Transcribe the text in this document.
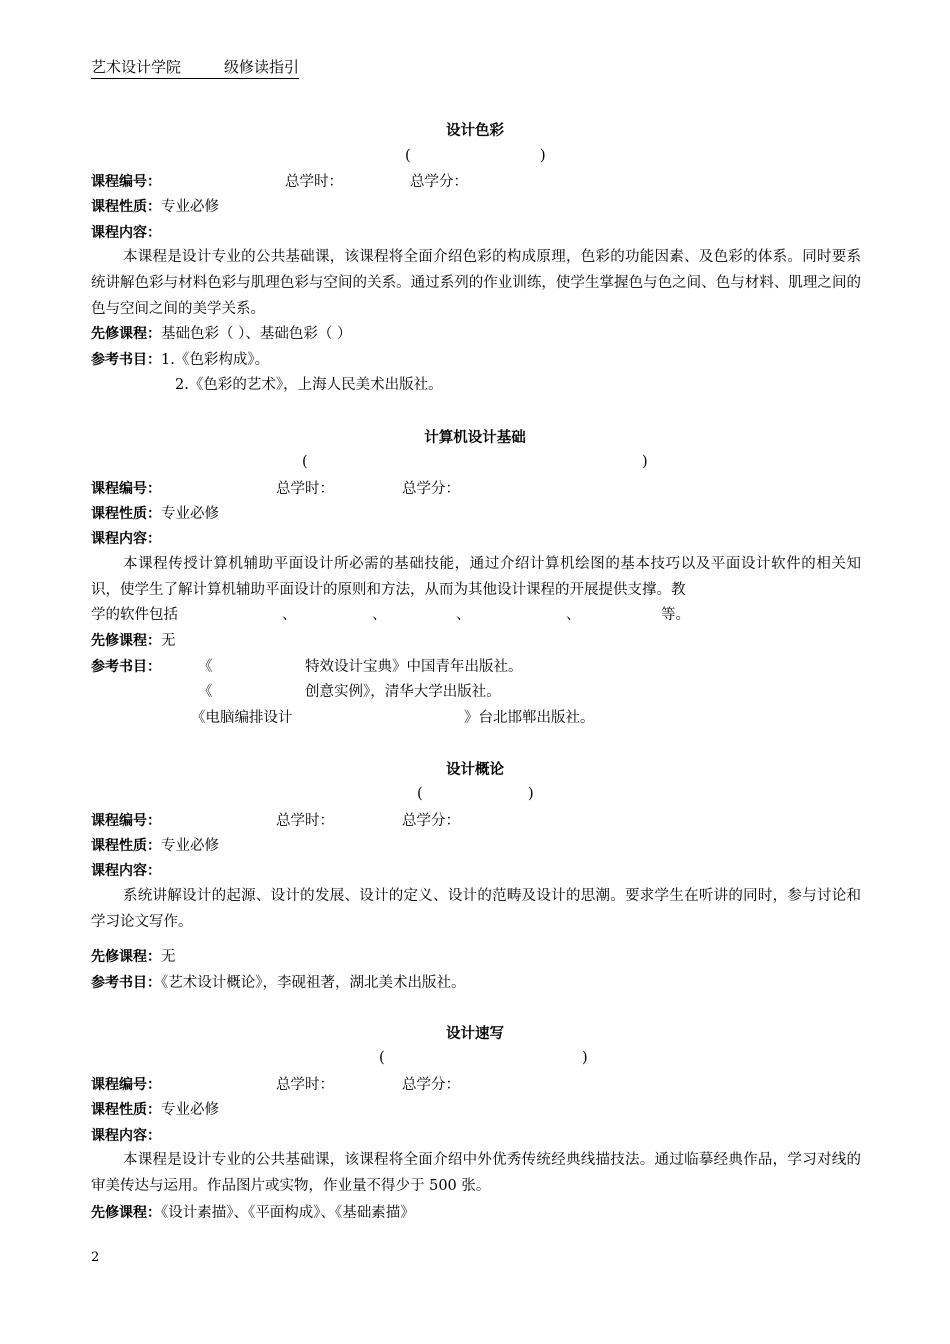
艺术设计学院	级修读指引
设计色彩
(	)
课程编号：	总学时：	总学分：
课程性质：专业必修
课程内容：
本课程是设计专业的公共基础课，该课程将全面介绍色彩的构成原理，色彩的功能因素、及色彩的体系。同时要系统讲解色彩与材料色彩与肌理色彩与空间的关系。通过系列的作业训练，使学生掌握色与色之间、色与材料、肌理之间的色与空间之间的美学关系。
先修课程：基础色彩（ ）、基础色彩（ ）
参考书目：1.《色彩构成》。
2.《色彩的艺术》，上海人民美术出版社。
计算机设计基础
(	)
课程编号：	总学时：	总学分：
课程性质：专业必修
课程内容：
本课程传授计算机辅助平面设计所必需的基础技能，通过介绍计算机绘图的基本技巧以及平面设计软件的相关知识，使学生了解计算机辅助平面设计的原则和方法，从而为其他设计课程的开展提供支撑。教
学的软件包括	、	、	、	、	等。
先修课程：无
参考书目：	《	特效设计宝典》中国青年出版社。
《	创意实例》，清华大学出版社。
《电脑编排设计	》台北邯郸出版社。
设计概论
(	)
课程编号：	总学时：	总学分：
课程性质：专业必修
课程内容：
系统讲解设计的起源、设计的发展、设计的定义、设计的范畴及设计的思潮。要求学生在听讲的同时，参与讨论和学习论文写作。
先修课程：无
参考书目：《艺术设计概论》，李砚祖著，湖北美术出版社。
设计速写
(	)
课程编号：	总学时：	总学分：
课程性质：专业必修
课程内容：
本课程是设计专业的公共基础课，该课程将全面介绍中外优秀传统经典线描技法。通过临摹经典作品，学习对线的审美传达与运用。作品图片或实物，作业量不得少于 500 张。
先修课程：《设计素描》、《平面构成》、《基础素描》
2
